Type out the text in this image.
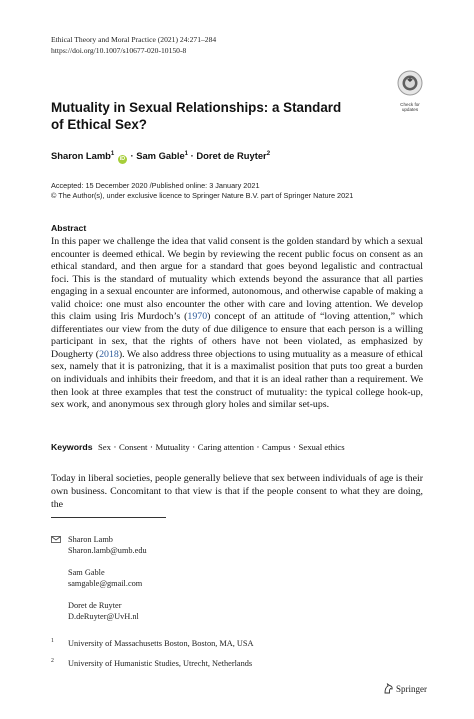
Ethical Theory and Moral Practice (2021) 24:271–284
https://doi.org/10.1007/s10677-020-10150-8
Check for
updates
Mutuality in Sexual Relationships: a Standard
of Ethical Sex?
Sharon Lamb$^1$ iD · Sam Gable$^1$ · Doret de Ruyter$^2$
Accepted: 15 December 2020 /Published online: 3 January 2021
© The Author(s), under exclusive licence to Springer Nature B.V. part of Springer Nature 2021
Abstract
In this paper we challenge the idea that valid consent is the golden standard by which a sexual encounter is deemed ethical. We begin by reviewing the recent public focus on consent as an ethical standard, and then argue for a standard that goes beyond legalistic and contractual foci. This is the standard of mutuality which extends beyond the assurance that all parties engaging in a sexual encounter are informed, autonomous, and otherwise capable of making a valid choice: one must also encounter the other with care and loving attention. We develop this claim using Iris Murdoch’s (1970) concept of an attitude of “loving attention,” which differentiates our view from the duty of due diligence to ensure that each person is a willing participant in sex, that the rights of others have not been violated, as emphasized by Dougherty (2018). We also address three objections to using mutuality as a measure of ethical sex, namely that it is patronizing, that it is a maximalist position that puts too great a burden on individuals and inhibits their freedom, and that it is an ideal rather than a requirement. We then look at three examples that test the construct of mutuality: the typical college hook-up, sex work, and anonymous sex through glory holes and similar set-ups.
Keywords Sex · Consent · Mutuality · Caring attention · Campus · Sexual ethics
Today in liberal societies, people generally believe that sex between individuals of age is their own business. Concomitant to that view is that if the people consent to what they are doing, the
Sharon Lamb
Sharon.lamb@umb.edu
Sam Gable
samgable@gmail.com
Doret de Ruyter
D.deRuyter@UvH.nl
1 University of Massachusetts Boston, Boston, MA, USA
2 University of Humanistic Studies, Utrecht, Netherlands
Springer
